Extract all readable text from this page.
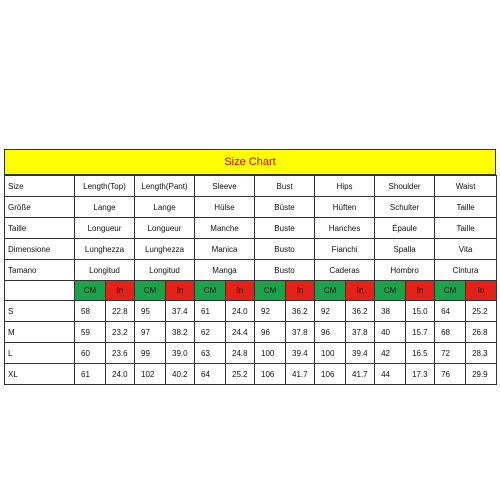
Size Chart
Size	Length(Top)		Length(Pant)		Sleeve		Bust		Hips		Shoulder		Waist	
Größe	Lange		Lange		Hülse		Büste		Hüften		Schulter		Taille	
Taille	Longueur		Longueur		Manche		Buste		Hanches		Épaule		Taille	
Dimensione	Lunghezza		Lunghezza		Manica		Busto		Fianchi		Spalla		Vita	
Tamano	Longitud		Longitud		Manga		Busto		Caderas		Hombro		Cintura	
	CM	In	CM	In	CM	In	CM	In	CM	In	CM	In	CM	In
S	58	22.8	95	37.4	61	24.0	92	36.2	92	36.2	38	15.0	64	25.2
M	59	23.2	97	38.2	62	24.4	96	37.8	96	37.8	40	15.7	68	26.8
L	60	23.6	99	39.0	63	24.8	100	39.4	100	39.4	42	16.5	72	28.3
XL	61	24.0	102	40.2	64	25.2	106	41.7	106	41.7	44	17.3	76	29.9
